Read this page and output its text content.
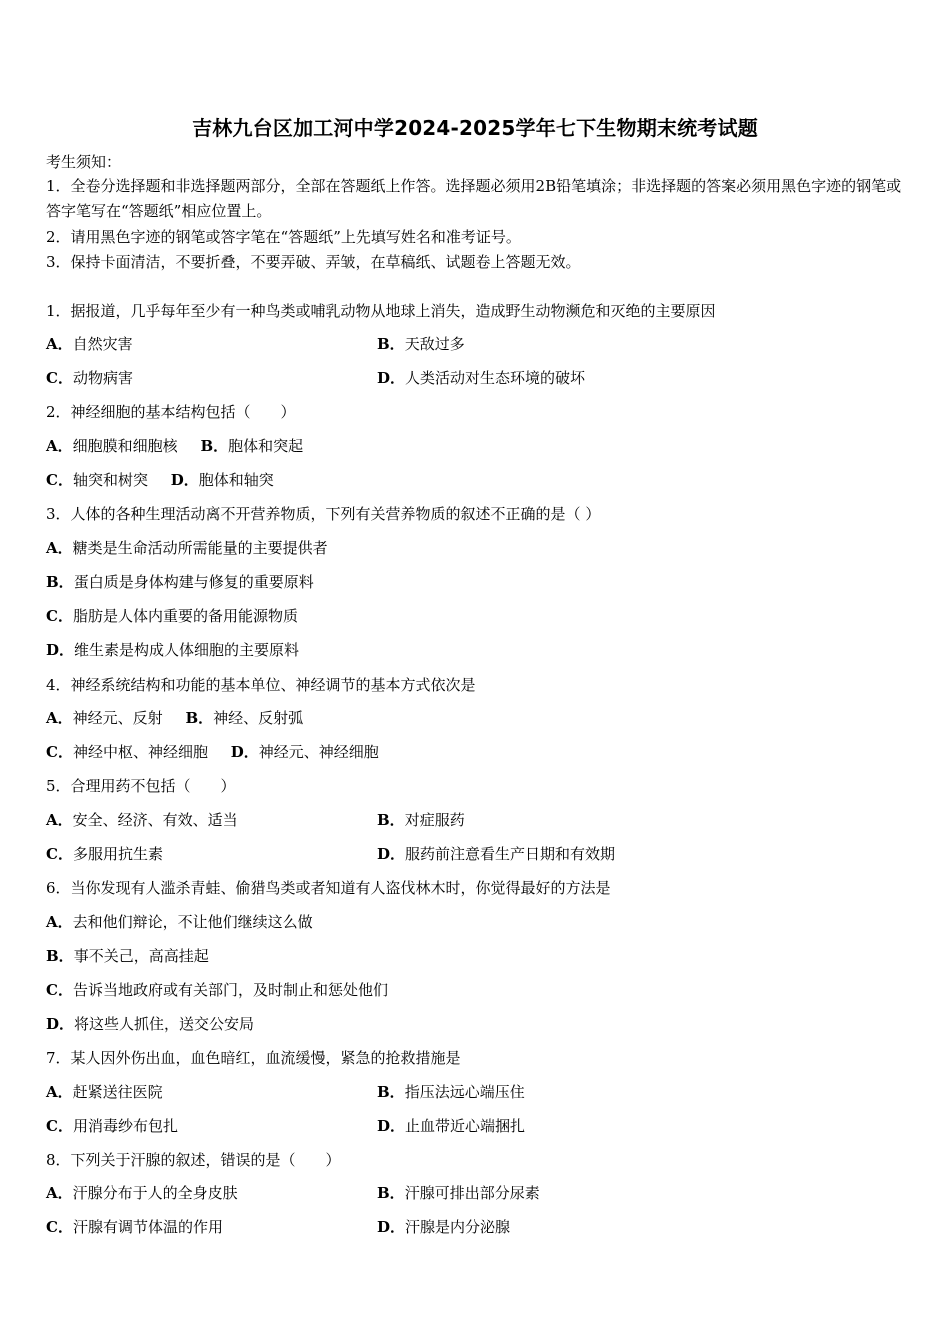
吉林九台区加工河中学2024-2025学年七下生物期末统考试题
考生须知：
1．全卷分选择题和非选择题两部分，全部在答题纸上作答。选择题必须用2B铅笔填涂；非选择题的答案必须用黑色字迹的钢笔或答字笔写在“答题纸”相应位置上。
2．请用黑色字迹的钢笔或答字笔在“答题纸”上先填写姓名和准考证号。
3．保持卡面清洁，不要折叠，不要弄破、弄皱，在草稿纸、试题卷上答题无效。
1．据报道，几乎每年至少有一种鸟类或哺乳动物从地球上消失，造成野生动物濒危和灭绝的主要原因
A．自然灾害	B．天敌过多
C．动物病害	D．人类活动对生态环境的破坏
2．神经细胞的基本结构包括（　　）
A．细胞膜和细胞核 B．胞体和突起
C．轴突和树突 D．胞体和轴突
3．人体的各种生理活动离不开营养物质，下列有关营养物质的叙述不正确的是（ ）
A．糖类是生命活动所需能量的主要提供者
B．蛋白质是身体构建与修复的重要原料
C．脂肪是人体内重要的备用能源物质
D．维生素是构成人体细胞的主要原料
4．神经系统结构和功能的基本单位、神经调节的基本方式依次是
A．神经元、反射 B．神经、反射弧
C．神经中枢、神经细胞 D．神经元、神经细胞
5．合理用药不包括（　　）
A．安全、经济、有效、适当	B．对症服药
C．多服用抗生素	D．服药前注意看生产日期和有效期
6．当你发现有人滥杀青蛙、偷猎鸟类或者知道有人盗伐林木时，你觉得最好的方法是
A．去和他们辩论，不让他们继续这么做
B．事不关己，高高挂起
C．告诉当地政府或有关部门，及时制止和惩处他们
D．将这些人抓住，送交公安局
7．某人因外伤出血，血色暗红，血流缓慢，紧急的抢救措施是
A．赶紧送往医院	B．指压法远心端压住
C．用消毒纱布包扎	D．止血带近心端捆扎
8．下列关于汗腺的叙述，错误的是（　　）
A．汗腺分布于人的全身皮肤	B．汗腺可排出部分尿素
C．汗腺有调节体温的作用	D．汗腺是内分泌腺
